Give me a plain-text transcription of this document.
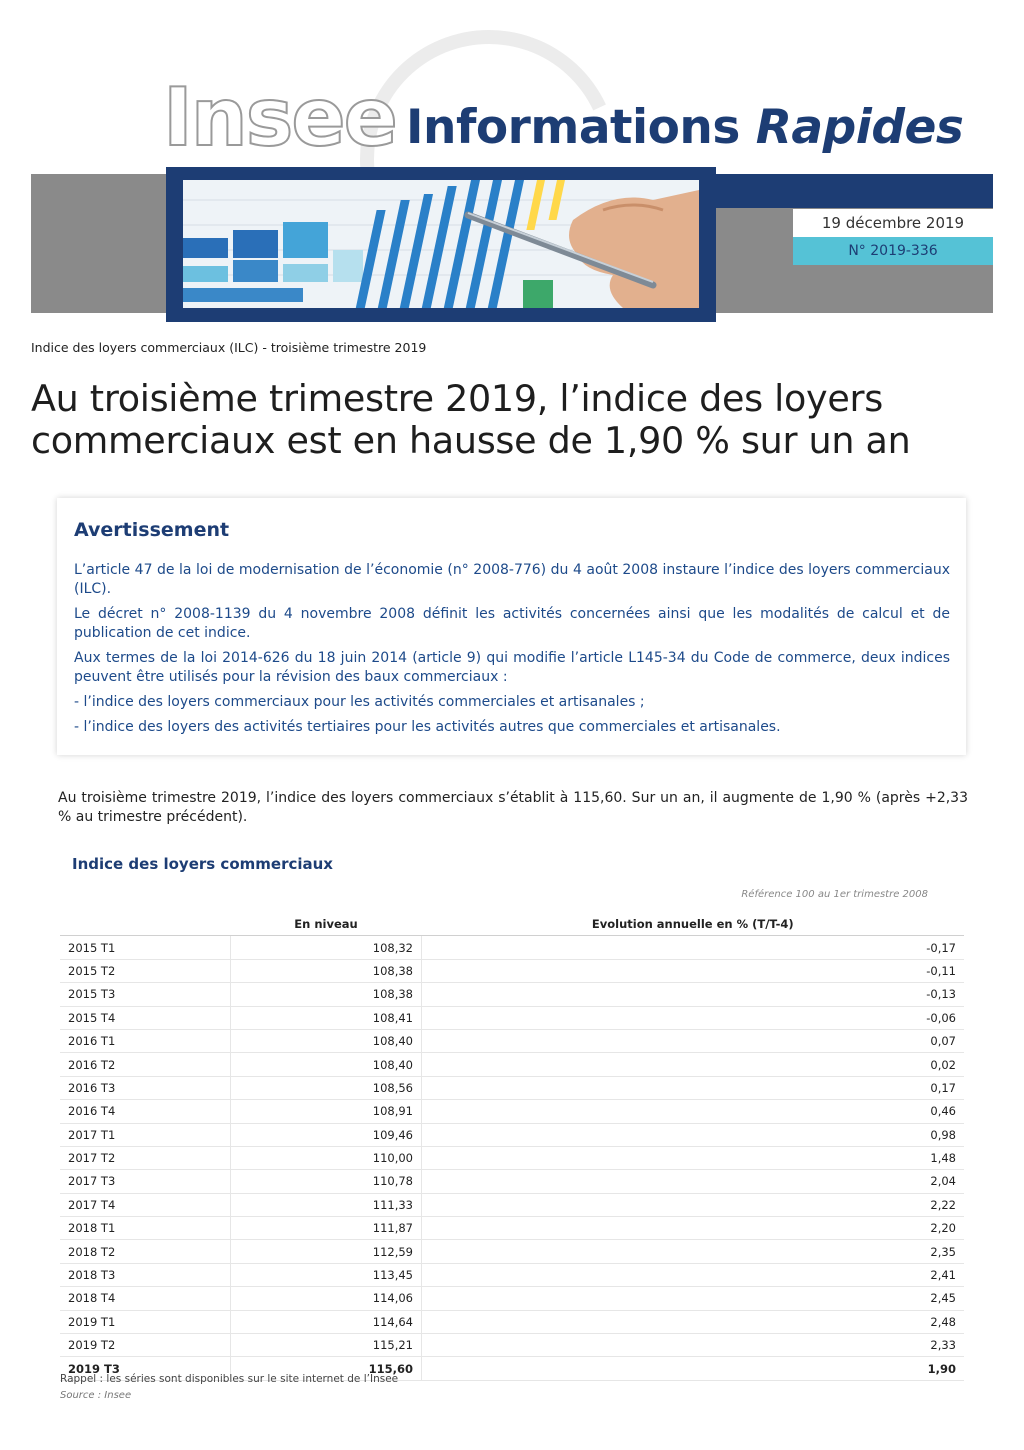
Insee Informations Rapides
19 décembre 2019
N° 2019-336
Indice des loyers commerciaux (ILC) - troisième trimestre 2019
Au troisième trimestre 2019, l’indice des loyers commerciaux est en hausse de 1,90 % sur un an
Avertissement

L’article 47 de la loi de modernisation de l’économie (n° 2008-776) du 4 août 2008 instaure l’indice des loyers commerciaux (ILC).

Le décret n° 2008-1139 du 4 novembre 2008 définit les activités concernées ainsi que les modalités de calcul et de publication de cet indice.

Aux termes de la loi 2014-626 du 18 juin 2014 (article 9) qui modifie l’article L145-34 du Code de commerce, deux indices peuvent être utilisés pour la révision des baux commerciaux :

- l’indice des loyers commerciaux pour les activités commerciales et artisanales ;

- l’indice des loyers des activités tertiaires pour les activités autres que commerciales et artisanales.

Au troisième trimestre 2019, l’indice des loyers commerciaux s’établit à 115,60. Sur un an, il augmente de 1,90 % (après +2,33 % au trimestre précédent).
Indice des loyers commerciaux
Référence 100 au 1er trimestre 2008
	En niveau	Evolution annuelle en % (T/T-4)
2015 T1	108,32	-0,17
2015 T2	108,38	-0,11
2015 T3	108,38	-0,13
2015 T4	108,41	-0,06
2016 T1	108,40	0,07
2016 T2	108,40	0,02
2016 T3	108,56	0,17
2016 T4	108,91	0,46
2017 T1	109,46	0,98
2017 T2	110,00	1,48
2017 T3	110,78	2,04
2017 T4	111,33	2,22
2018 T1	111,87	2,20
2018 T2	112,59	2,35
2018 T3	113,45	2,41
2018 T4	114,06	2,45
2019 T1	114,64	2,48
2019 T2	115,21	2,33
2019 T3	115,60	1,90
Rappel : les séries sont disponibles sur le site internet de l’Insee
Source : Insee
